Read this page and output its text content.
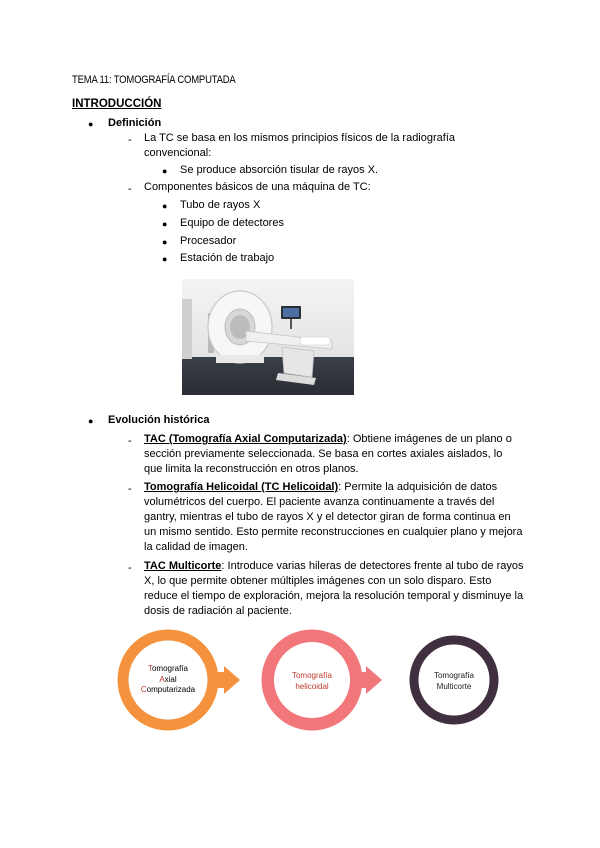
TEMA 11: TOMOGRAFÍA COMPUTADA
INTRODUCCIÓN
● Definición
- La TC se basa en los mismos principios físicos de la radiografía
convencional:
● Se produce absorción tisular de rayos X.
- Componentes básicos de una máquina de TC:
● Tubo de rayos X
● Equipo de detectores
● Procesador
● Estación de trabajo
● Evolución histórica
- TAC (Tomografía Axial Computarizada): Obtiene imágenes de un plano o
sección previamente seleccionada. Se basa en cortes axiales aislados, lo
que limita la reconstrucción en otros planos.
- Tomografía Helicoidal (TC Helicoidal): Permite la adquisición de datos
volumétricos del cuerpo. El paciente avanza continuamente a través del
gantry, mientras el tubo de rayos X y el detector giran de forma continua en
un mismo sentido. Esto permite reconstrucciones en cualquier plano y mejora
la calidad de imagen.
- TAC Multicorte: Introduce varias hileras de detectores frente al tubo de rayos
X, lo que permite obtener múltiples imágenes con un solo disparo. Esto
reduce el tiempo de exploración, mejora la resolución temporal y disminuye la
dosis de radiación al paciente.
Tomografía
Axial
Computarizada
Tomografía
helicoidal
Tomografía
Multicorte
